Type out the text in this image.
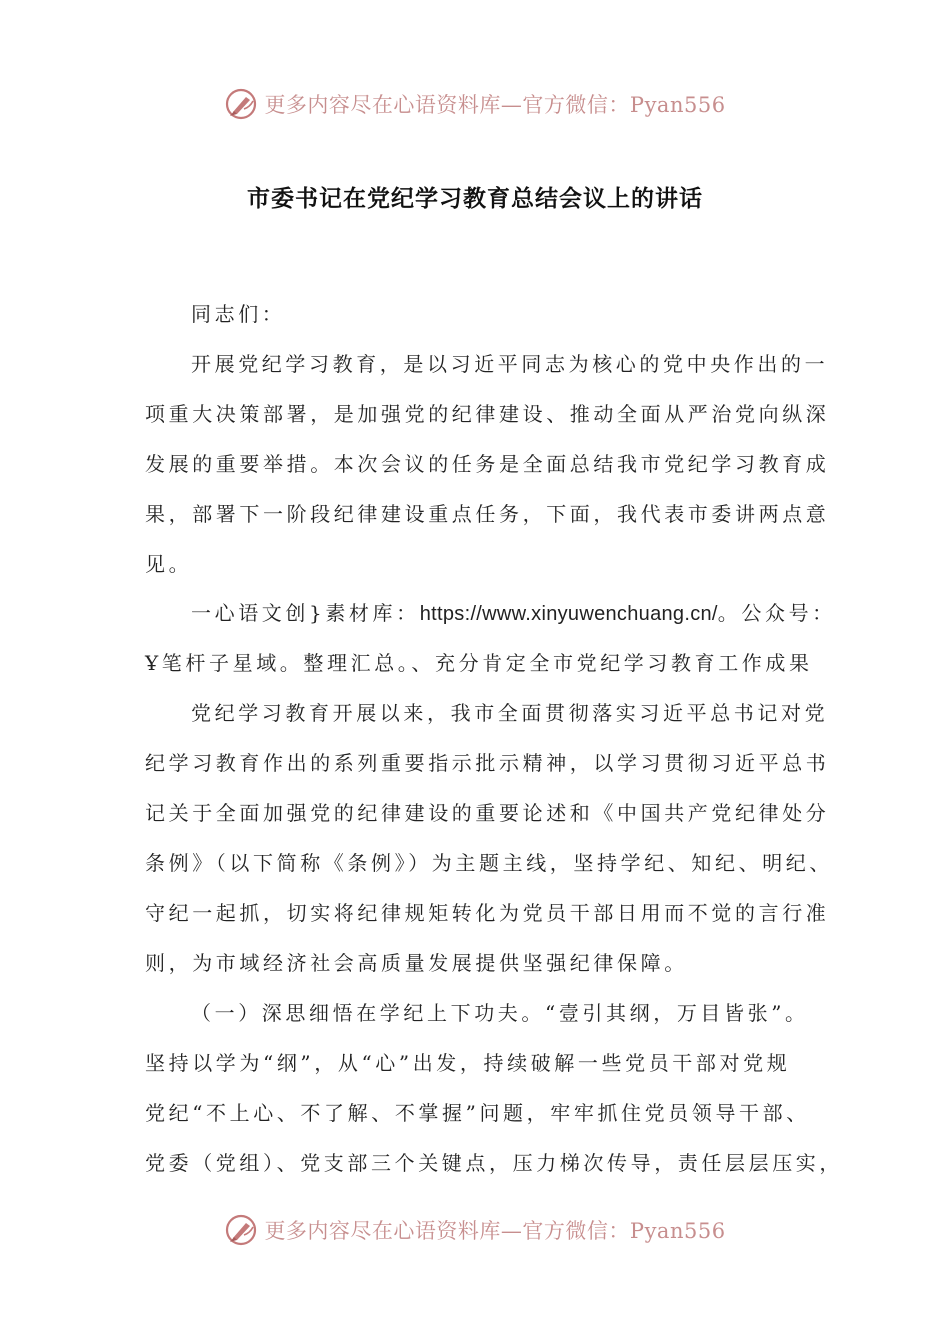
更多内容尽在心语资料库—官方微信：Pyan556
市委书记在党纪学习教育总结会议上的讲话
同志们：
开展党纪学习教育，是以习近平同志为核心的党中央作出的一
项重大决策部署，是加强党的纪律建设、推动全面从严治党向纵深
发展的重要举措。本次会议的任务是全面总结我市党纪学习教育成
果，部署下一阶段纪律建设重点任务，下面，我代表市委讲两点意
见。
一心语文创}素材库：https://www.xinyuwenchuang.cn/。公众号：
Ұ笔杆子星域。整理汇总。、充分肯定全市党纪学习教育工作成果
党纪学习教育开展以来，我市全面贯彻落实习近平总书记对党
纪学习教育作出的系列重要指示批示精神，以学习贯彻习近平总书
记关于全面加强党的纪律建设的重要论述和《中国共产党纪律处分
条例》（以下简称《条例》）为主题主线，坚持学纪、知纪、明纪、
守纪一起抓，切实将纪律规矩转化为党员干部日用而不觉的言行准
则，为市域经济社会高质量发展提供坚强纪律保障。
（一）深思细悟在学纪上下功夫。“壹引其纲，万目皆张”。
坚持以学为“纲”，从“心”出发，持续破解一些党员干部对党规
党纪“不上心、不了解、不掌握”问题，牢牢抓住党员领导干部、
党委（党组）、党支部三个关键点，压力梯次传导，责任层层压实，
更多内容尽在心语资料库—官方微信：Pyan556
